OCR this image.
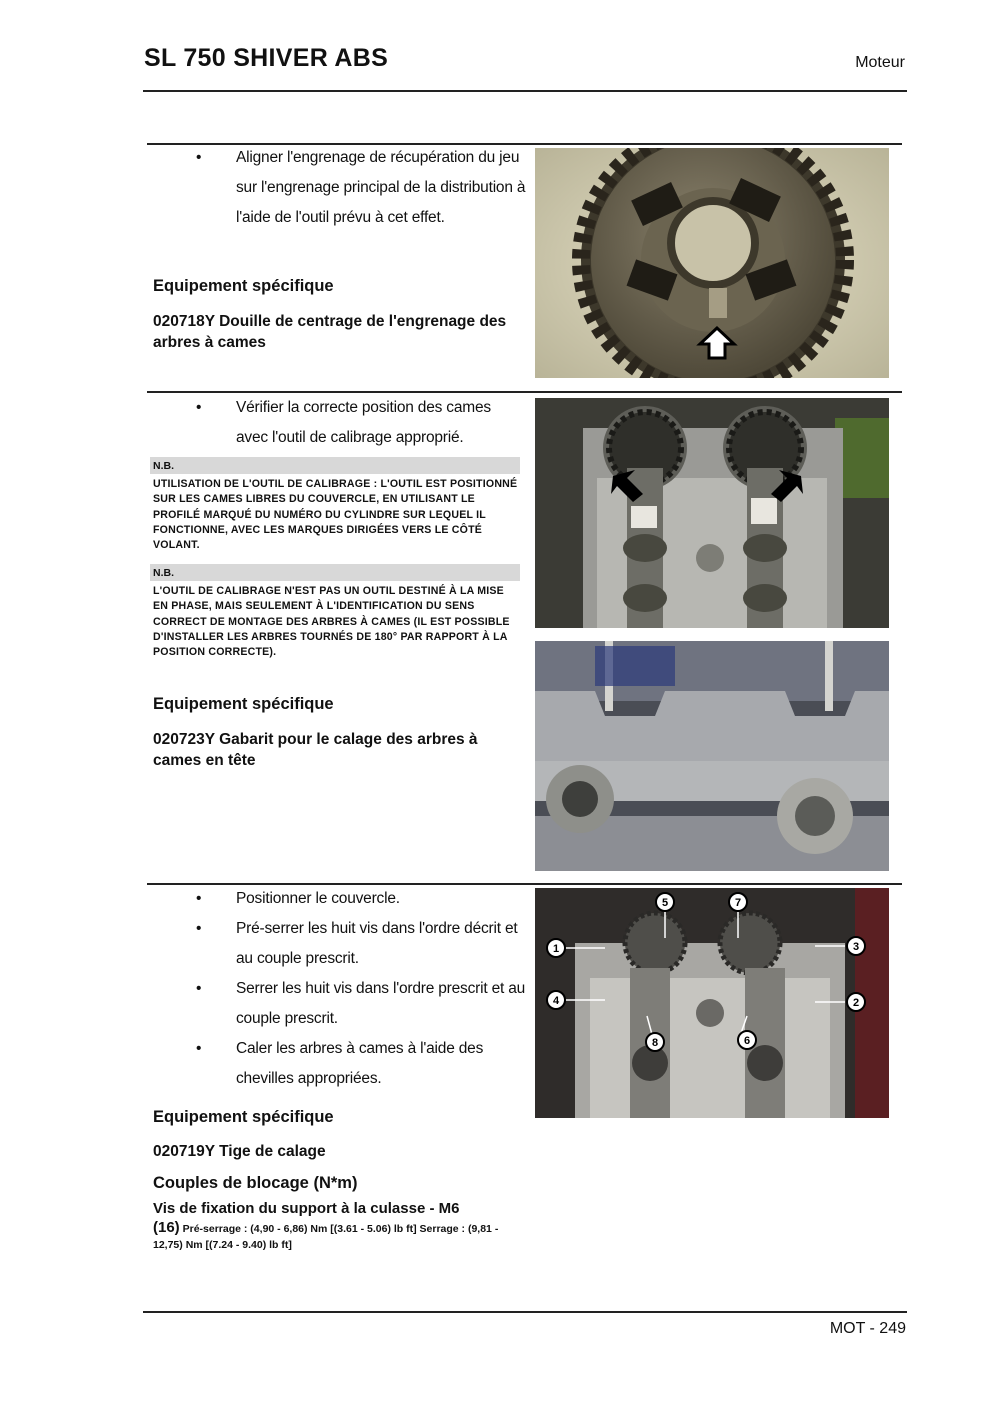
SL 750 SHIVER ABS	Moteur
• Aligner l'engrenage de récupération du jeu sur l'engrenage principal de la distribution à l'aide de l'outil prévu à cet effet.
Equipement spécifique
020718Y Douille de centrage de l'engrenage des arbres à cames
• Vérifier la correcte position des cames avec l'outil de calibrage approprié.
N.B.
UTILISATION DE L'OUTIL DE CALIBRAGE : L'OUTIL EST POSITIONNÉ SUR LES CAMES LIBRES DU COUVERCLE, EN UTILISANT LE PROFILÉ MARQUÉ DU NUMÉRO DU CYLINDRE SUR LEQUEL IL FONCTIONNE, AVEC LES MARQUES DIRIGÉES VERS LE CÔTÉ VOLANT.
N.B.
L'OUTIL DE CALIBRAGE N'EST PAS UN OUTIL DESTINÉ À LA MISE EN PHASE, MAIS SEULEMENT À L'IDENTIFICATION DU SENS CORRECT DE MONTAGE DES ARBRES À CAMES (IL EST POSSIBLE D'INSTALLER LES ARBRES TOURNÉS DE 180° PAR RAPPORT À LA POSITION CORRECTE).
Equipement spécifique
020723Y Gabarit pour le calage des arbres à cames en tête
• Positionner le couvercle.
• Pré-serrer les huit vis dans l'ordre décrit et au couple prescrit.
• Serrer les huit vis dans l'ordre prescrit et au couple prescrit.
• Caler les arbres à cames à l'aide des chevilles appropriées.
Equipement spécifique
020719Y Tige de calage
Couples de blocage (N*m)
Vis de fixation du support à la culasse - M6
(16) Pré-serrage : (4,90 - 6,86) Nm [(3.61 - 5.06) lb ft] Serrage : (9,81 - 12,75) Nm [(7.24 - 9.40) lb ft]
1
2
3
4
5
6
7
8
MOT - 249
